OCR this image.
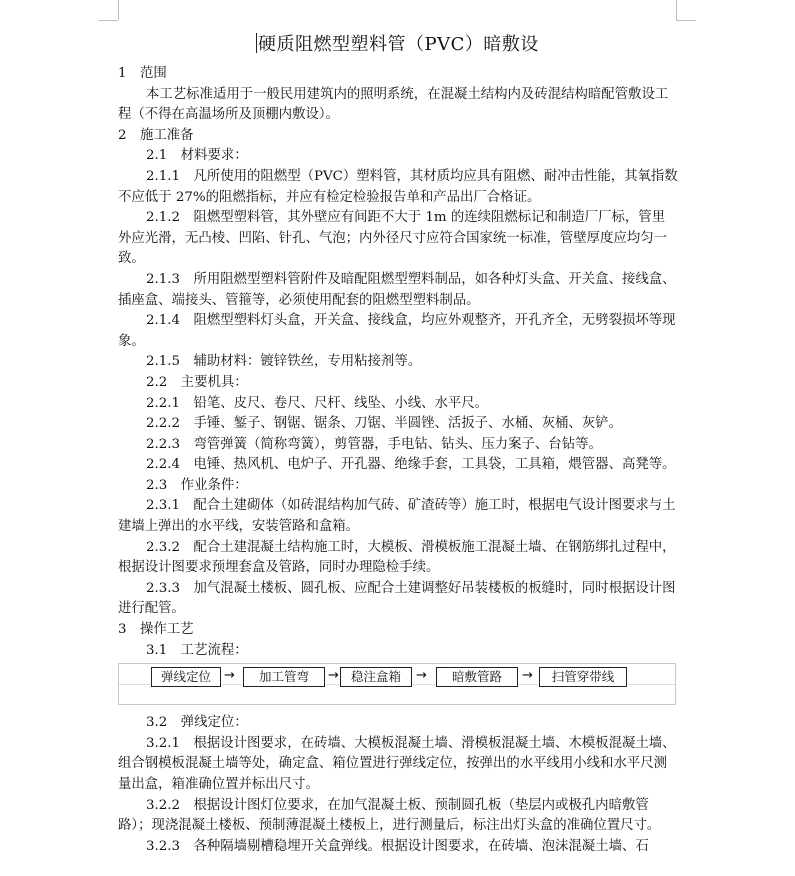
硬质阻燃型塑料管（PVC）暗敷设

1 范围

本工艺标准适用于一般民用建筑内的照明系统，在混凝土结构内及砖混结构暗配管敷设工程（不得在高温场所及顶棚内敷设）。

2 施工准备

2.1　材料要求：

2.1.1　凡所使用的阻燃型（PVC）塑料管，其材质均应具有阻燃、耐冲击性能，其氧指数不应低于 27%的阻燃指标，并应有检定检验报告单和产品出厂合格证。

2.1.2　阻燃型塑料管，其外壁应有间距不大于 1m 的连续阻燃标记和制造厂厂标，管里外应光滑，无凸棱、凹陷、针孔、气泡；内外径尺寸应符合国家统一标准，管壁厚度应均匀一致。

2.1.3　所用阻燃型塑料管附件及暗配阻燃型塑料制品，如各种灯头盒、开关盒、接线盒、插座盒、端接头、管箍等，必须使用配套的阻燃型塑料制品。

2.1.4　阻燃型塑料灯头盒，开关盒、接线盒，均应外观整齐，开孔齐全，无劈裂损坏等现象。

2.1.5　辅助材料：镀锌铁丝，专用粘接剂等。

2.2　主要机具：

2.2.1　铅笔、皮尺、卷尺、尺杆、线坠、小线、水平尺。

2.2.2　手锤、錾子、钢锯、锯条、刀锯、半圆锉、活扳子、水桶、灰桶、灰铲。

2.2.3　弯管弹簧（简称弯簧），剪管器，手电钻、钻头、压力案子、台钻等。

2.2.4　电锤、热风机、电炉子、开孔器、绝缘手套，工具袋，工具箱，煨管器、高凳等。

2.3　作业条件：

2.3.1　配合土建砌体（如砖混结构加气砖、矿渣砖等）施工时，根据电气设计图要求与土建墙上弹出的水平线，安装管路和盒箱。

2.3.2　配合土建混凝土结构施工时，大模板、滑模板施工混凝土墙、在钢筋绑扎过程中，根据设计图要求预埋套盒及管路，同时办理隐检手续。

2.3.3　加气混凝土楼板、圆孔板、应配合土建调整好吊装楼板的板缝时，同时根据设计图进行配管。

3 操作工艺

3.1　工艺流程：

弹线定位	→	加工管弯	→ 稳注盒箱	→	暗敷管路	→	扫管穿带线

3.2　弹线定位：

3.2.1　根据设计图要求，在砖墙、大模板混凝土墙、滑模板混凝土墙、木模板混凝土墙、组合钢模板混凝土墙等处，确定盒、箱位置进行弹线定位，按弹出的水平线用小线和水平尺测量出盒，箱准确位置并标出尺寸。

3.2.2　根据设计图灯位要求，在加气混凝土板、预制圆孔板（垫层内或极孔内暗敷管路）；现浇混凝土楼板、预制薄混凝土楼板上，进行测量后，标注出灯头盒的准确位置尺寸。

3.2.3　各种隔墙剔槽稳埋开关盒弹线。根据设计图要求，在砖墙、泡沫混凝土墙、石
